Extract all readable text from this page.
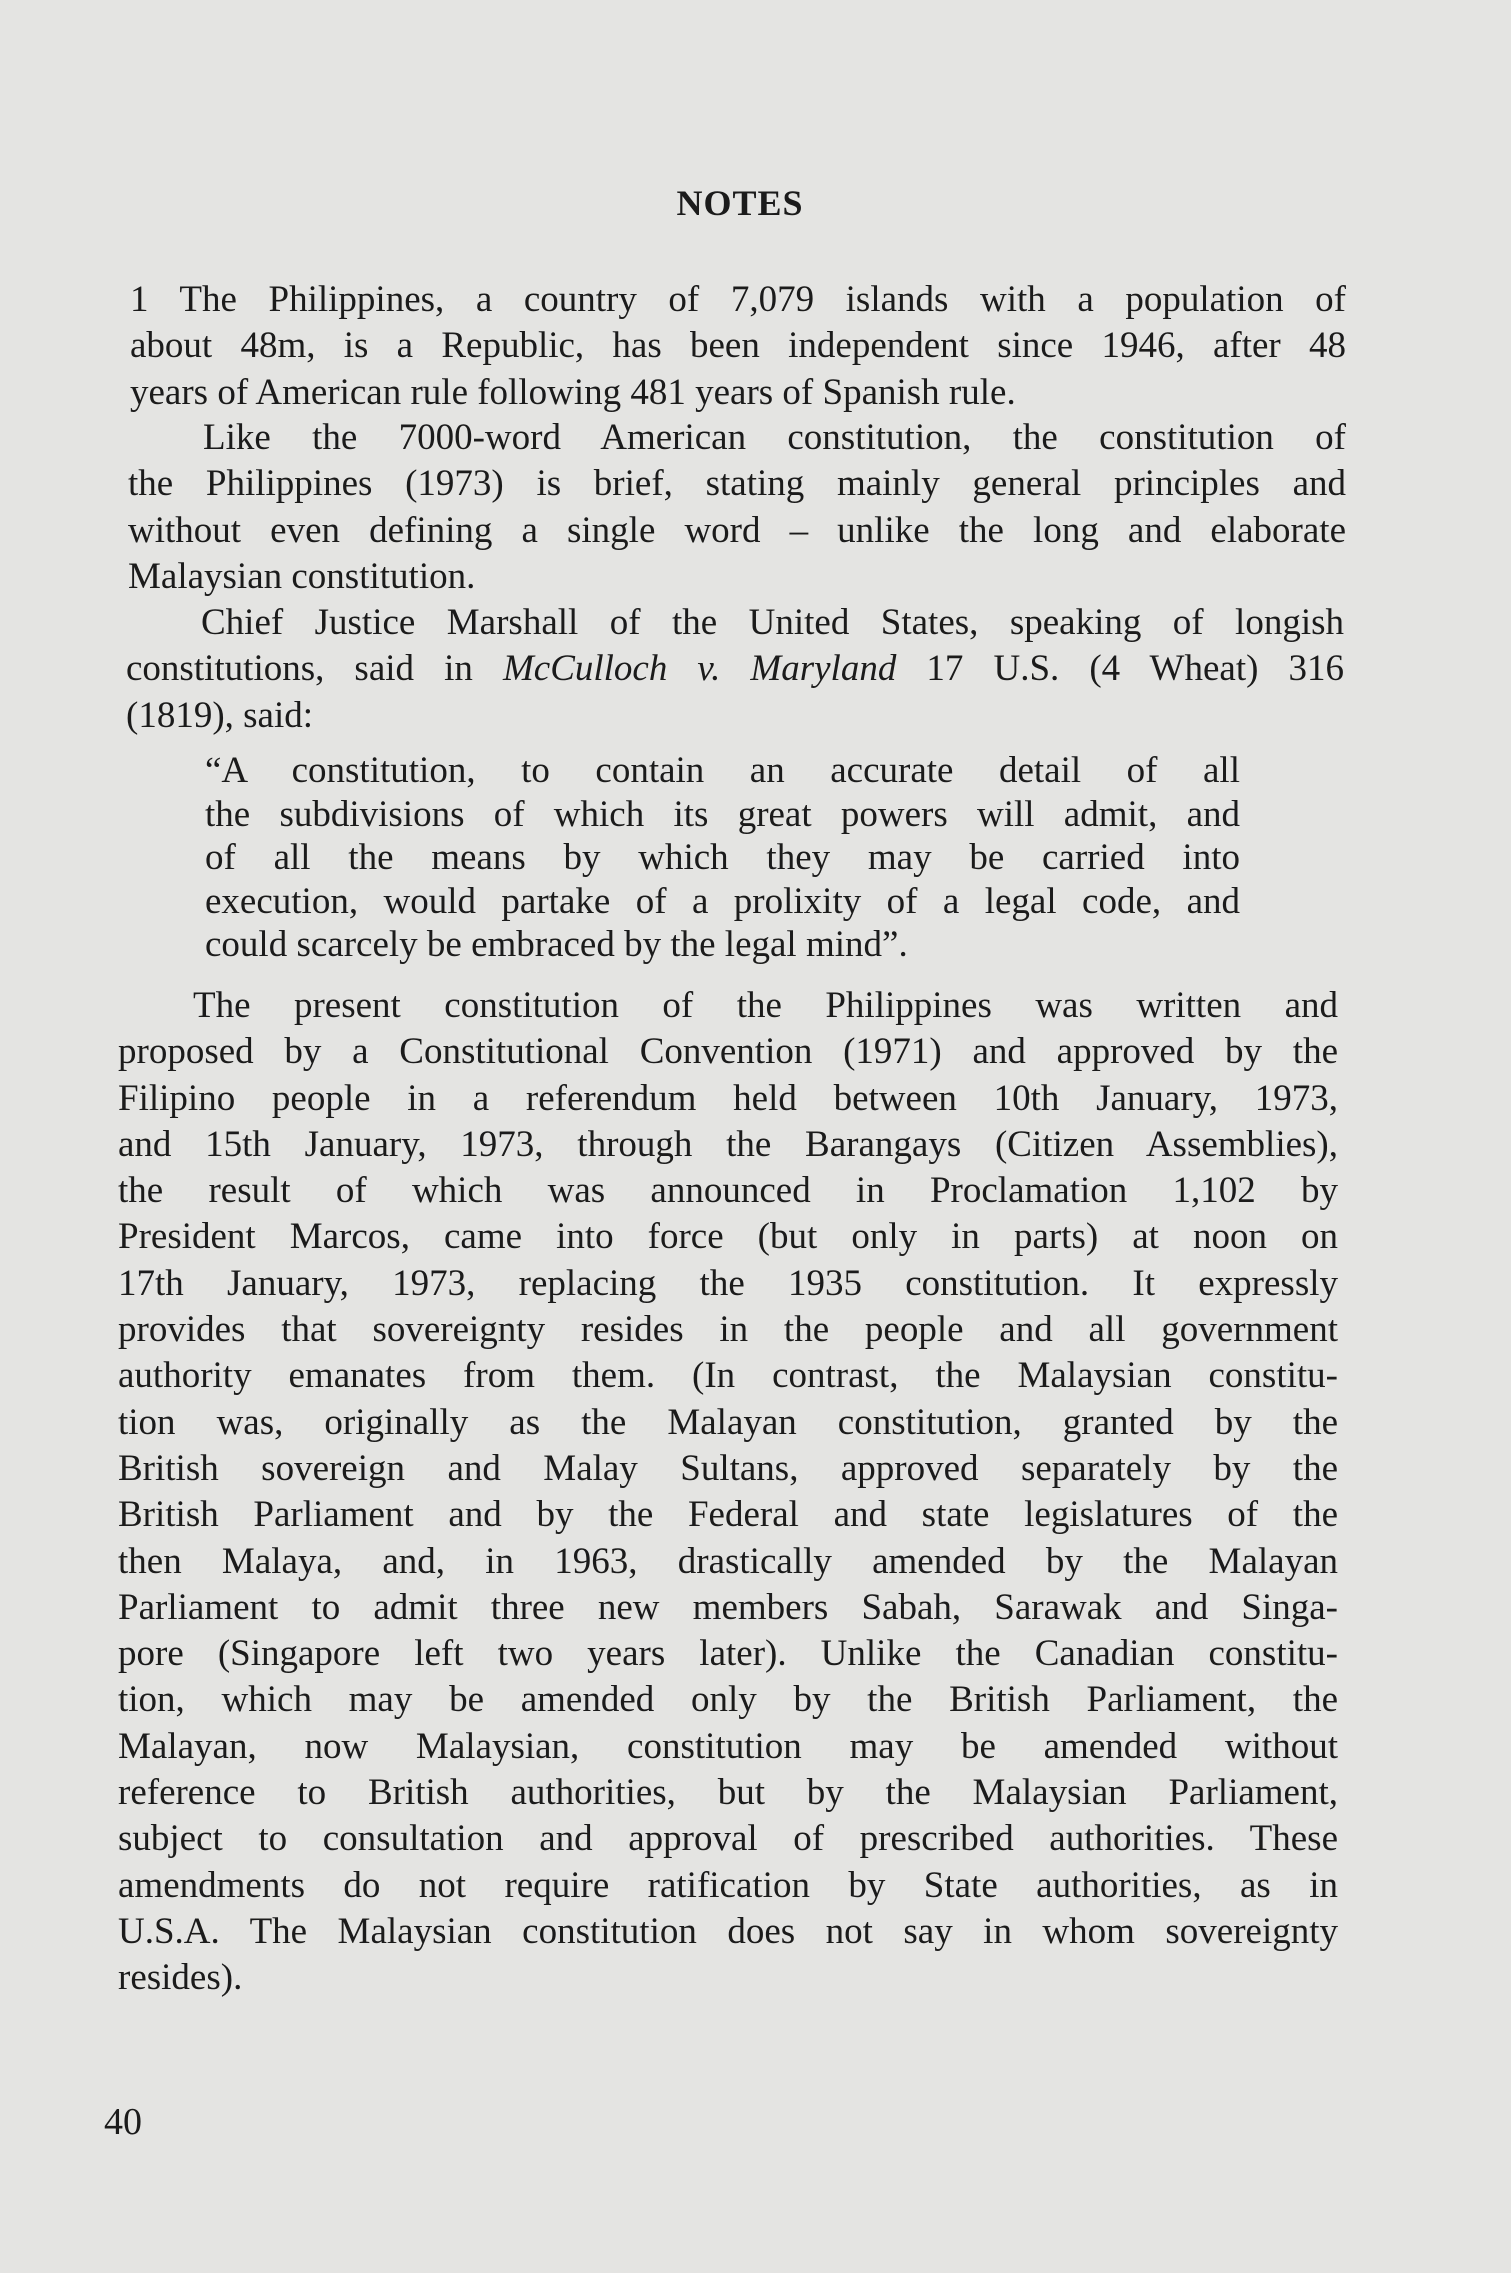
NOTES
1 The Philippines, a country of 7,079 islands with a population of
about 48m, is a Republic, has been independent since 1946, after 48
years of American rule following 481 years of Spanish rule.
Like the 7000-word American constitution, the constitution of
the Philippines (1973) is brief, stating mainly general principles and
without even defining a single word – unlike the long and elaborate
Malaysian constitution.
Chief Justice Marshall of the United States, speaking of longish
constitutions, said in McCulloch v. Maryland 17 U.S. (4 Wheat) 316
(1819), said:
“A constitution, to contain an accurate detail of all
the subdivisions of which its great powers will admit, and
of all the means by which they may be carried into
execution, would partake of a prolixity of a legal code, and
could scarcely be embraced by the legal mind”.
The present constitution of the Philippines was written and
proposed by a Constitutional Convention (1971) and approved by the
Filipino people in a referendum held between 10th January, 1973,
and 15th January, 1973, through the Barangays (Citizen Assemblies),
the result of which was announced in Proclamation 1,102 by
President Marcos, came into force (but only in parts) at noon on
17th January, 1973, replacing the 1935 constitution. It expressly
provides that sovereignty resides in the people and all government
authority emanates from them. (In contrast, the Malaysian constitu-
tion was, originally as the Malayan constitution, granted by the
British sovereign and Malay Sultans, approved separately by the
British Parliament and by the Federal and state legislatures of the
then Malaya, and, in 1963, drastically amended by the Malayan
Parliament to admit three new members Sabah, Sarawak and Singa-
pore (Singapore left two years later). Unlike the Canadian constitu-
tion, which may be amended only by the British Parliament, the
Malayan, now Malaysian, constitution may be amended without
reference to British authorities, but by the Malaysian Parliament,
subject to consultation and approval of prescribed authorities. These
amendments do not require ratification by State authorities, as in
U.S.A. The Malaysian constitution does not say in whom sovereignty
resides).
40
